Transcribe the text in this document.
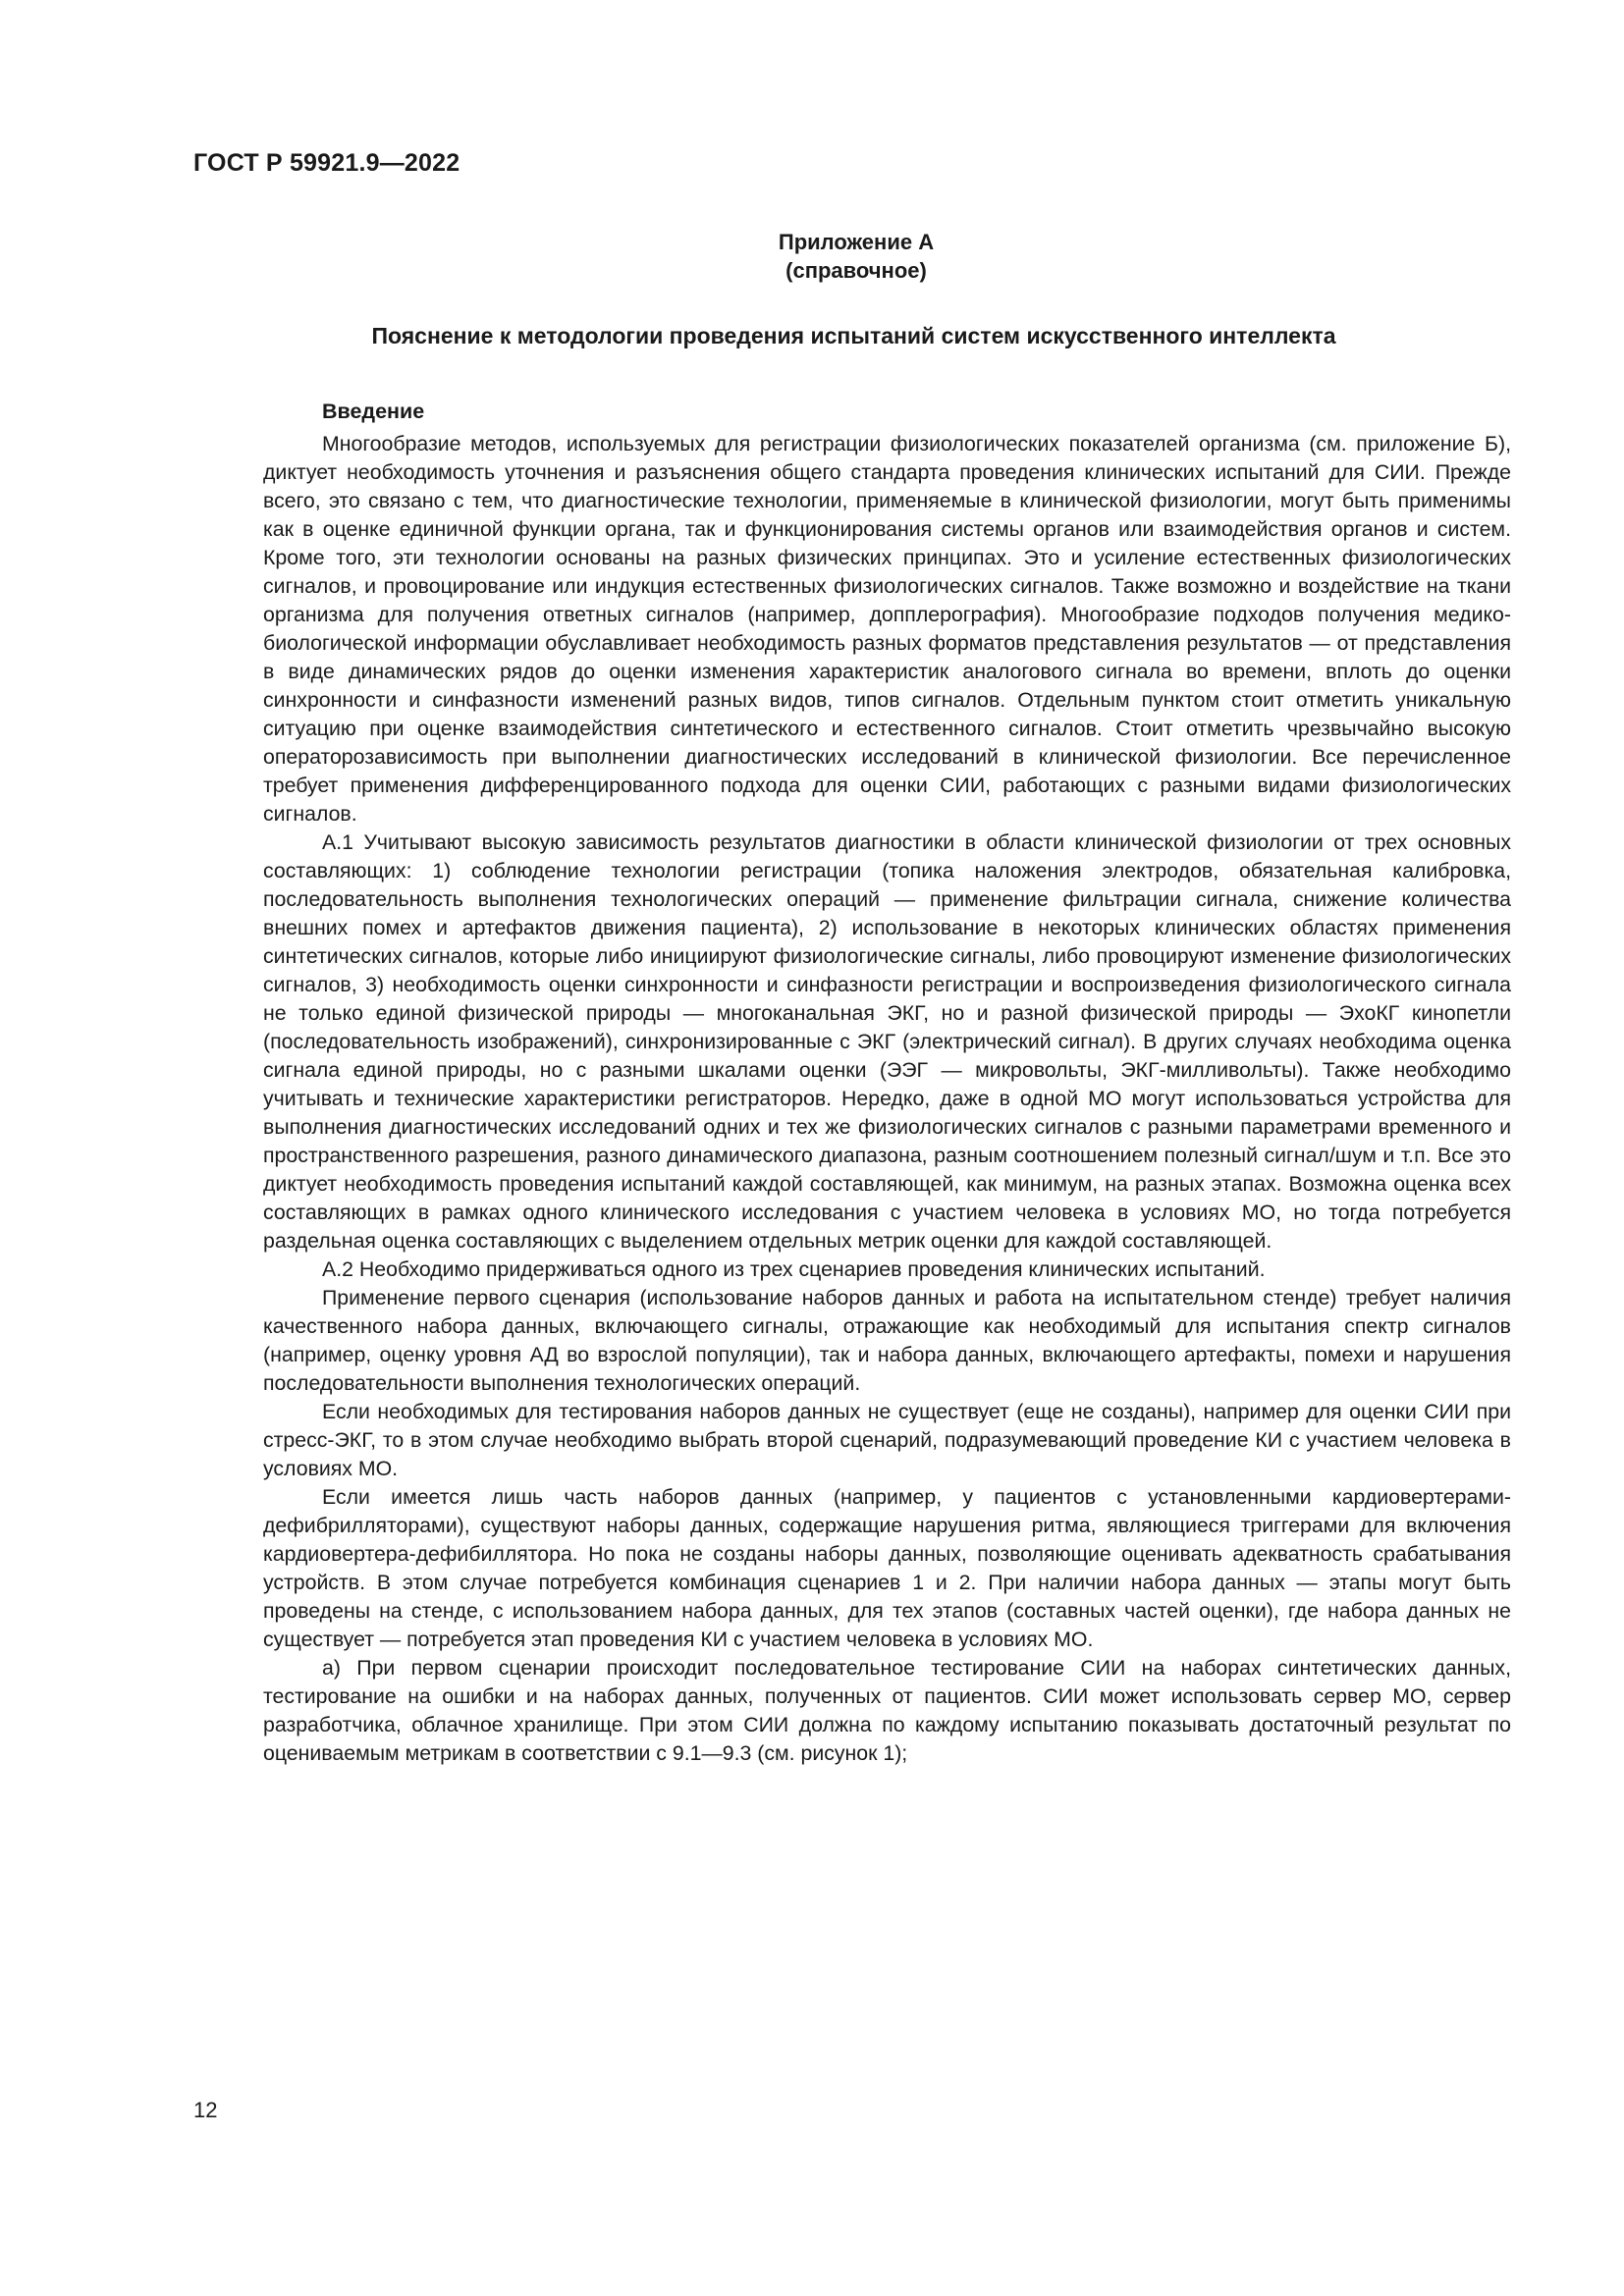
ГОСТ Р 59921.9—2022
Приложение А
(справочное)
Пояснение к методологии проведения испытаний систем искусственного интеллекта

Введение

Многообразие методов, используемых для регистрации физиологических показателей организма (см. приложение Б), диктует необходимость уточнения и разъяснения общего стандарта проведения клинических испытаний для СИИ. Прежде всего, это связано с тем, что диагностические технологии, применяемые в клинической физиологии, могут быть применимы как в оценке единичной функции органа, так и функционирования системы органов или взаимодействия органов и систем. Кроме того, эти технологии основаны на разных физических принципах. Это и усиление естественных физиологических сигналов, и провоцирование или индукция естественных физиологических сигналов. Также возможно и воздействие на ткани организма для получения ответных сигналов (например, допплерография). Многообразие подходов получения медико-биологической информации обуславливает необходимость разных форматов представления результатов — от представления в виде динамических рядов до оценки изменения характеристик аналогового сигнала во времени, вплоть до оценки синхронности и синфазности изменений разных видов, типов сигналов. Отдельным пунктом стоит отметить уникальную ситуацию при оценке взаимодействия синтетического и естественного сигналов. Стоит отметить чрезвычайно высокую операторозависимость при выполнении диагностических исследований в клинической физиологии. Все перечисленное требует применения дифференцированного подхода для оценки СИИ, работающих с разными видами физиологических сигналов.

А.1 Учитывают высокую зависимость результатов диагностики в области клинической физиологии от трех основных составляющих: 1) соблюдение технологии регистрации (топика наложения электродов, обязательная калибровка, последовательность выполнения технологических операций — применение фильтрации сигнала, снижение количества внешних помех и артефактов движения пациента), 2) использование в некоторых клинических областях применения синтетических сигналов, которые либо инициируют физиологические сигналы, либо провоцируют изменение физиологических сигналов, 3) необходимость оценки синхронности и синфазности регистрации и воспроизведения физиологического сигнала не только единой физической природы — многоканальная ЭКГ, но и разной физической природы — ЭхоКГ кинопетли (последовательность изображений), синхронизированные с ЭКГ (электрический сигнал). В других случаях необходима оценка сигнала единой природы, но с разными шкалами оценки (ЭЭГ — микровольты, ЭКГ-милливольты). Также необходимо учитывать и технические характеристики регистраторов. Нередко, даже в одной МО могут использоваться устройства для выполнения диагностических исследований одних и тех же физиологических сигналов с разными параметрами временного и пространственного разрешения, разного динамического диапазона, разным соотношением полезный сигнал/шум и т.п. Все это диктует необходимость проведения испытаний каждой составляющей, как минимум, на разных этапах. Возможна оценка всех составляющих в рамках одного клинического исследования с участием человека в условиях МО, но тогда потребуется раздельная оценка составляющих с выделением отдельных метрик оценки для каждой составляющей.

А.2 Необходимо придерживаться одного из трех сценариев проведения клинических испытаний.

Применение первого сценария (использование наборов данных и работа на испытательном стенде) требует наличия качественного набора данных, включающего сигналы, отражающие как необходимый для испытания спектр сигналов (например, оценку уровня АД во взрослой популяции), так и набора данных, включающего артефакты, помехи и нарушения последовательности выполнения технологических операций.

Если необходимых для тестирования наборов данных не существует (еще не созданы), например для оценки СИИ при стресс-ЭКГ, то в этом случае необходимо выбрать второй сценарий, подразумевающий проведение КИ с участием человека в условиях МО.

Если имеется лишь часть наборов данных (например, у пациентов с установленными кардиовертерами-дефибрилляторами), существуют наборы данных, содержащие нарушения ритма, являющиеся триггерами для включения кардиовертера-дефибиллятора. Но пока не созданы наборы данных, позволяющие оценивать адекватность срабатывания устройств. В этом случае потребуется комбинация сценариев 1 и 2. При наличии набора данных — этапы могут быть проведены на стенде, с использованием набора данных, для тех этапов (составных частей оценки), где набора данных не существует — потребуется этап проведения КИ с участием человека в условиях МО.

а) При первом сценарии происходит последовательное тестирование СИИ на наборах синтетических данных, тестирование на ошибки и на наборах данных, полученных от пациентов. СИИ может использовать сервер МО, сервер разработчика, облачное хранилище. При этом СИИ должна по каждому испытанию показывать достаточный результат по оцениваемым метрикам в соответствии с 9.1—9.3 (см. рисунок 1);

12
